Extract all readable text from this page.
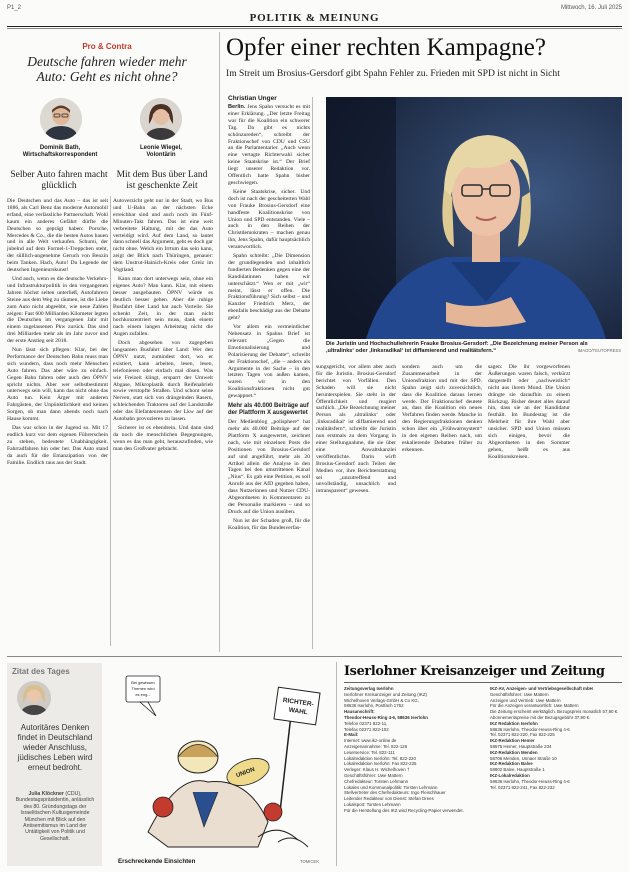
P1_2
POLITIK & MEINUNG
Mittwoch, 16. Juli 2025
Pro & Contra
Deutsche fahren wieder mehr Auto: Geht es nicht ohne?
Dominik Bath,
Wirtschaftskorrespondent
Leonie Wiegel,
Volontärin
Selber Auto fahren macht glücklich
Mit dem Bus über Land ist geschenkte Zeit

Die Deutschen und das Auto – das ist seit 1886, als Carl Benz das moderne Automobil erfand, eine verlässliche Partnerschaft. Wohl kaum ein anderes Gefährt dürfte die Deutschen so geprägt haben: Porsche, Mercedes & Co., die die besten Autos bauen und in alle Welt verkaufen. Schumi, der jubelnd auf dem Formel-1-Treppchen steht, der sülllich-angenehme Geruch von Benzin beim Tanken. Hach, Auto! Du Legende der deutschen Ingenieurskunst!

Und auch, wenn es die deutsche Verkehrs- und Infrastrukturpolitik in den vergangenen Jahren höchst selten unterließ, Autofahrern Steine aus dem Weg zu räumen, ist die Liebe zum Auto nicht abgeebbt, wie neue Zahlen zeigen: Fast 600 Milliarden Kilometer legten die Deutschen im vergangenen Jahr mit einem zugelassenen Pkw zurück. Das sind drei Milliarden mehr als im Jahr zuvor und der erste Anstieg seit 2018.

Nun lässt sich pflegen: Klar, bei der Performance der Deutschen Bahn muss man sich wundern, dass noch mehr Menschen Auto fahren. Das aber wäre zu einfach. Gegen Bahn fahren oder auch den ÖPNV spricht nichts. Aber wer selbstbestimmt unterwegs sein will, kann das nicht ohne das Auto tun. Kein Ärger mit anderen Fahrgästen, der Unpünktlichkeit und keinen Sorgen, ob man dann abends noch nach Hause kommt.

Das war schon in der Jugend so. Mit 17 endlich kurz vor dem eigenen Führerschein zu stehen, bedeutete Unabhängigkeit. Fahrradfahren hin oder her. Das Auto stand da auch für die Emanzipation von der Familie. Endlich raus aus der Stadt.

Autoverzicht geht nur in der Stadt, wo Bus und U-Bahn an der nächsten Ecke erreichbar sind und auch noch im Fünf-Minuten-Takt fahren. Das ist eine weit verbreitete Haltung, mit der das Auto verteidigt wird. Auf dem Land, so lautet dann schnell das Argument, geht es doch gar nicht ohne. Welch ein Irrtum das sein kann, zeigt der Blick nach Thüringen, genauer: dem Unstrut-Hainich-Kreis oder Greiz im Vogtland.

Kann man dort unterwegs sein, ohne ein eigenes Auto? Man kann. Klar, mit einem besser ausgebauten ÖPNV würde es deutlich besser gehen. Aber die ruhige Busfahrt über Land hat auch Vorteile. Sie schenkt Zeit, in der man nicht hochkonzentriert sein muss, dank einem nach einem langen Arbeitstag nicht die Augen zufallen.

Doch abgesehen von zugegeben langsamen Busfahrt über Land: Wer den ÖPNV nutzt, zumindest dort, wo er existiert, kann arbeiten, lesen, lesen, telefonieren oder einfach mal dösen. Was wie Freizeit klingt, ersparrt der Umwelt Abgase, Mikroplastik durch Reifenabrieb sowie verstopfte Straßen. Und schont seine Nerven, statt sich von drängelnden Rasern, schleichenden Traktoren auf der Landstraße oder das Elefantenrennen der Lkw auf der Autobahn provozieren zu lassen.

Sicherer ist es ebendrein. Und dann sind da noch die menschlichen Begegnungen, wenn es das man geht, herauszufinden, wie man den Großvater gebracht.

Opfer einer rechten Kampagne?
Im Streit um Brosius-Gersdorf gibt Spahn Fehler zu. Frieden mit SPD ist nicht in Sicht
Christian Unger

Berlin. Jens Spahn versucht es mit einer Erklärung. „Der letzte Freitag war für die Koalition ein schwerer Tag. Da gibt es nichts schönzureden“, schreibt der Fraktionschef von CDU und CSU an die Parlamentarier. „Auch wenn eine vertagte Richterwahl sicher keine Staatskrise ist.“ Der Brief liegt unserer Redaktion vor. Offentlich hatte Spahn bisher geschwiegen.

Keine Staatskrise, sicher. Und doch ist nach der gescheiterten Wahl von Frauke Brosius-Gersdorf eine handfeste Koalitionskrise von Union und SPD entstanden. Viele – auch in den Reihen der Christdemokraten – machen genau ihn, Jens Spahn, dafür hauptsächlich verantwortlich.

Spahn schreibt: „Die Dimension der grundlegenden und inhaltlich fundierten Bedenken gegen eine der Kandidatinnen haben wir unterschätzt.“ Wen er mit „wir“ meint, lässt er offen. Die Fraktionsführung? Sich selbst – und Kanzler Friedrich Merz, der ebenfalls beschädigt aus der Debatte geht?

Vor allem ein vermeintlicher Nebensatz in Spahns Brief ist relevant: „Gegen die Emotionalisierung und Polarisierung der Debatte“, schreibt der Fraktionschef, „die – anders als Argumente in der Sache – in den letzten Tagen von außen kamen, waren wir in den Koalitionsfraktionen nicht gut gewappnet.“

Mehr als 40.000 Beiträge auf der Plattform X ausgewertet

Der Medienblog „polisphere“ hat mehr als 40.000 Beiträge auf der Plattform X ausgewertet, zeichnet nach, wie mit einzelnen Posts die Positionen von Brosius-Gersdorf auf und angeführt, mehr als 20 Artikel allein die Analyse in den Tagen bei den umstrittenen Kanal „Nius“. Es gab eine Petition, es soll Anrufe aus der AfD gegeben haben, dass Nutzerinnen und Nutzer CDU-Abgeordneten in Kommentaren zu der Personalie markieren – und so Druck auf die Union ausüben.

Nun ist der Schaden groß, für die Koalition, für das Bundesverfas-

Die Juristin und Hochschullehrerin Frauke Brosius-Gersdorf: „Die Bezeichnung meiner Person als ,ultralinks‘ oder ,linksradikal‘ ist diffamierend und realitätsfern.“	IMAGO/TEUTOPRESS
sungsgericht, vor allem aber auch für die Juristin. Brosius-Gersdorf berichtet von Vorfällen. Den Schaden will sie nicht herunterspielen. Sie steht in der Öffentlichkeit und reagiert sachlich. „Die Bezeichnung meiner Person als ,ultralinks‘ oder ,linksradikal‘ ist diffamierend und realitätsfern“, schreibt die Juristin nun erstmals zu dem Vorgang in einer Stellungnahme, die sie über eine Anwaltskanzlei veröffentlichte. Darin wirft Brosius-Gersdorf auch Teilen der Medien vor, ihre Berichterstattung sei „unzutreffend und unvollständig, unsachlich und intransparent“ gewesen.
sondern auch um die Zusammenarbeit in der Unionsfraktion und mit der SPD. Spahn zeigt sich zuversichtlich, dass die Koalition daraus lernen werde. Der Fraktionschef deutete an, dass die Koalition ein neues Verfahren finden werde. Manche in den Regierungsfraktionen denken schon über ein „Frühwarnsystem“ in den eigenen Reihen nach, um eskalierende Debatten früher zu erkennen.
sagen: Die ihr vorgeworfenen Äußerungen waren falsch, verkürzt dargestellt oder „nachweislich“ nicht aus ihrem Mund. Die Union drängte sie daraufhin zu einem Rückzug. Bisher deutet alles darauf hin, dass sie an der Kandidatur festhält. Im Bundestag ist die Mehrheit für ihre Wahl aber unsicher. SPD und Union müssen sich einigen, bevor die Abgeordneten in den Sommer gehen, heißt es aus Koalitionskreisen.
Zitat des Tages
Autoritäres Denken findet in Deutschland wieder Anschluss, jüdisches Leben wird erneut bedroht.
Julia Klöckner (CDU), Bundestagspräsidentin, anlässlich des 80. Gründungstags der Israelitischen Kultusgemeinde München mit Blick auf den Antisemitismus im Land der Untätigkeit von Politik und Gesellschaft.
Bei gewissen
Themen wird
es eng...
UNION
RICHTER-
WAHL
Erschreckende Einsichten	TOMICEK
Iserlohner Kreisanzeiger und Zeitung
Zeitungsverlag Iserlohn
Iserlohner Kreisanzeiger und Zeitung (IKZ)
Wichelhoven Verlags-GmbH & Co KG,
58636 Iserlohn, Postfach 1762
Hausanschrift:
Theodor-Heuss-Ring 4-6, 58636 Iserlohn
Telefon 02371 822-11,
Telefax 02371 822-102
E-Mail:
Internet: www.ikz-online.de
Anzeigenannahme: Tel. 822-126
Leserservice: Tel. 822-111
Lokalredaktion Iserlohn: Tel. 822-220
Lokalredaktion Iserlohn: Fax 822-225
Verleger: Klaus H. Wichelhoven †
Geschäftsführer: Uwe Mattern
Chefredakteur: Torsten Lehmann
Lokales und Kommunalpolitik: Torsten Lehmann
Stellvertreter des Chefredakteurs: Ingo Fleischhauer
Leitender Redakteur von Dienst: Stefan Drees
Lokalsport: Torsten Lehmann
Für die Herstellung des IKZ wird Recycling-Papier verwendet.
IKZ-AV, Anzeigen- und Vertriebsgesellschaft mbH
Geschäftsführer: Uwe Mattern
Anzeigen und Vertrieb: Uwe Mattern
Für die Anzeigen verantwortlich: Uwe Mattern
Die Zeitung erscheint werktäglich. Bezugspreis monatlich 57,90 €.
Abonnementspreise mit der Bezugsgebühr 37,90 €.
IKZ Redaktion Iserlohn
58636 Iserlohn, Theodor-Heuss-Ring 4-6
Tel. 02371 822-220, Fax 822-225
IKZ-Redaktion Hemer
58675 Hemer, Hauptstraße 234
IKZ-Redaktion Menden
58706 Menden, Unnaer Straße 10
IKZ-Redaktion Balve
58802 Balve, Hauptstraße 1
IKZ-Lokalredaktion
58636 Iserlohn, Theodor-Heuss-Ring 4-6
Tel. 02371 822-241, Fax 822-232
